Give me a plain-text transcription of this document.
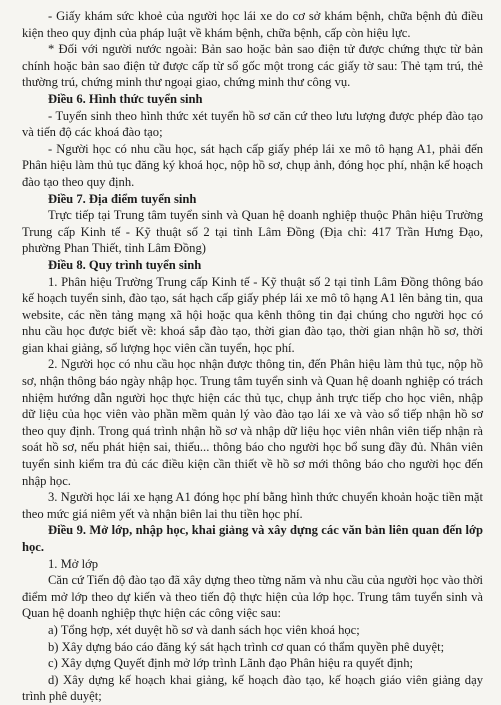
- Giấy khám sức khoẻ của người học lái xe do cơ sở khám bệnh, chữa bệnh đủ điều kiện theo quy định của pháp luật về khám bệnh, chữa bệnh, cấp còn hiệu lực.

* Đối với người nước ngoài: Bản sao hoặc bản sao điện tử được chứng thực từ bản chính hoặc bản sao điện tử được cấp từ sổ gốc một trong các giấy tờ sau: Thẻ tạm trú, thẻ thường trú, chứng minh thư ngoại giao, chứng minh thư công vụ.

Điều 6. Hình thức tuyển sinh

- Tuyển sinh theo hình thức xét tuyển hồ sơ căn cứ theo lưu lượng được phép đào tạo và tiến độ các khoá đào tạo;

- Người học có nhu cầu học, sát hạch cấp giấy phép lái xe mô tô hạng A1, phải đến Phân hiệu làm thủ tục đăng ký khoá học, nộp hồ sơ, chụp ảnh, đóng học phí, nhận kế hoạch đào tạo theo quy định.

Điều 7. Địa điểm tuyển sinh

Trực tiếp tại Trung tâm tuyển sinh và Quan hệ doanh nghiệp thuộc Phân hiệu Trường Trung cấp Kinh tế - Kỹ thuật số 2 tại tỉnh Lâm Đồng (Địa chỉ: 417 Trần Hưng Đạo, phường Phan Thiết, tỉnh Lâm Đồng)

Điều 8. Quy trình tuyển sinh

1. Phân hiệu Trường Trung cấp Kinh tế - Kỹ thuật số 2 tại tỉnh Lâm Đồng thông báo kế hoạch tuyển sinh, đào tạo, sát hạch cấp giấy phép lái xe mô tô hạng A1 lên bảng tin, qua website, các nền tảng mạng xã hội hoặc qua kênh thông tin đại chúng cho người học có nhu cầu học được biết về: khoá sắp đào tạo, thời gian đào tạo, thời gian nhận hồ sơ, thời gian khai giảng, số lượng học viên cần tuyển, học phí.

2. Người học có nhu cầu học nhận được thông tin, đến Phân hiệu làm thủ tục, nộp hồ sơ, nhận thông báo ngày nhập học. Trung tâm tuyển sinh và Quan hệ doanh nghiệp có trách nhiệm hướng dẫn người học thực hiện các thủ tục, chụp ảnh trực tiếp cho học viên, nhập dữ liệu của học viên vào phần mềm quản lý vào đào tạo lái xe và vào sổ tiếp nhận hồ sơ theo quy định. Trong quá trình nhận hồ sơ và nhập dữ liệu học viên nhân viên tiếp nhận rà soát hồ sơ, nếu phát hiện sai, thiếu... thông báo cho người học bổ sung đầy đủ. Nhân viên tuyển sinh kiểm tra đủ các điều kiện cần thiết về hồ sơ mới thông báo cho người học đến nhập học.

3. Người học lái xe hạng A1 đóng học phí bằng hình thức chuyển khoản hoặc tiền mặt theo mức giá niêm yết và nhận biên lai thu tiền học phí.

Điều 9. Mở lớp, nhập học, khai giảng và xây dựng các văn bản liên quan đến lớp học.

1. Mở lớp

Căn cứ Tiến độ đào tạo đã xây dựng theo từng năm và nhu cầu của người học vào thời điểm mở lớp theo dự kiến và theo tiến độ thực hiện của lớp học. Trung tâm tuyển sinh và Quan hệ doanh nghiệp thực hiện các công việc sau:

a) Tổng hợp, xét duyệt hồ sơ và danh sách học viên khoá học;

b) Xây dựng báo cáo đăng ký sát hạch trình cơ quan có thẩm quyền phê duyệt;

c) Xây dựng Quyết định mở lớp trình Lãnh đạo Phân hiệu ra quyết định;

d) Xây dựng kế hoạch khai giảng, kế hoạch đào tạo, kế hoạch giáo viên giảng dạy trình phê duyệt;
